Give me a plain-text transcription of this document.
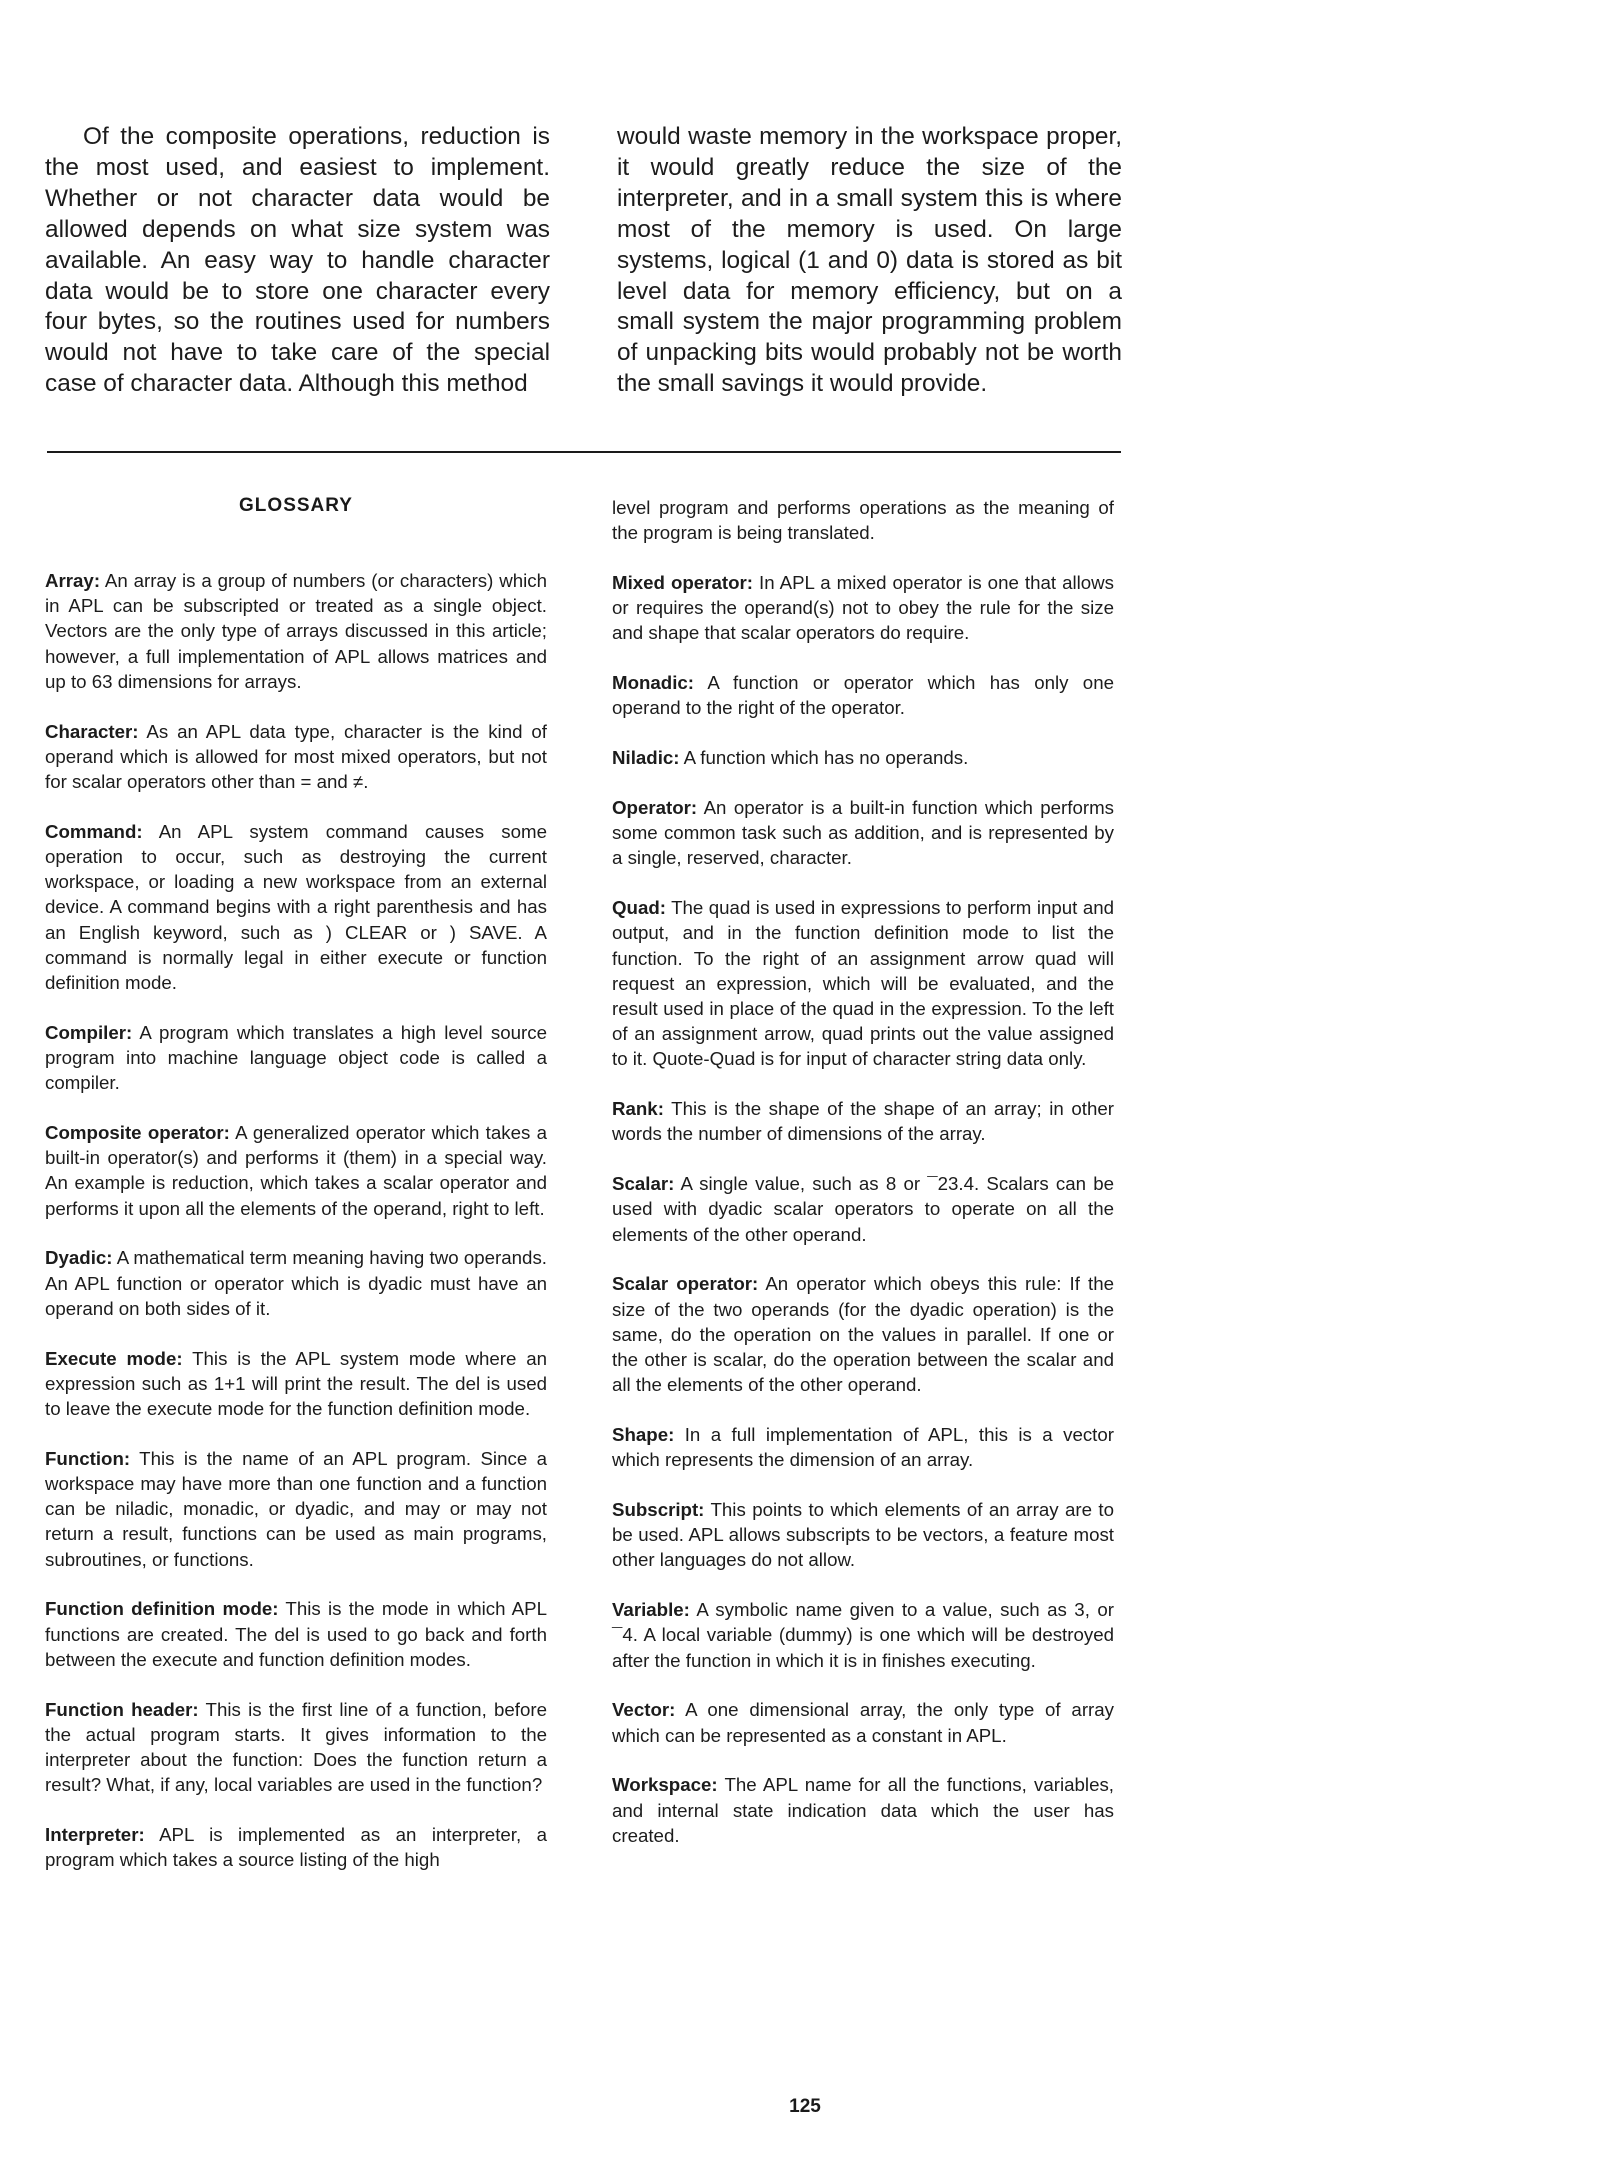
Of the composite operations, reduction is the most used, and easiest to implement. Whether or not character data would be allowed depends on what size system was available. An easy way to handle character data would be to store one character every four bytes, so the routines used for numbers would not have to take care of the special case of character data. Although this method
would waste memory in the workspace proper, it would greatly reduce the size of the interpreter, and in a small system this is where most of the memory is used. On large systems, logical (1 and 0) data is stored as bit level data for memory efficiency, but on a small system the major programming problem of unpacking bits would probably not be worth the small savings it would provide.
GLOSSARY

Array: An array is a group of numbers (or characters) which in APL can be subscripted or treated as a single object. Vectors are the only type of arrays discussed in this article; however, a full implementation of APL allows matrices and up to 63 dimensions for arrays.

Character: As an APL data type, character is the kind of operand which is allowed for most mixed operators, but not for scalar operators other than = and ≠.

Command: An APL system command causes some operation to occur, such as destroying the current workspace, or loading a new workspace from an external device. A command begins with a right parenthesis and has an English keyword, such as ) CLEAR or ) SAVE. A command is normally legal in either execute or function definition mode.

Compiler: A program which translates a high level source program into machine language object code is called a compiler.

Composite operator: A generalized operator which takes a built-in operator(s) and performs it (them) in a special way. An example is reduction, which takes a scalar operator and performs it upon all the elements of the operand, right to left.

Dyadic: A mathematical term meaning having two operands. An APL function or operator which is dyadic must have an operand on both sides of it.

Execute mode: This is the APL system mode where an expression such as 1+1 will print the result. The del is used to leave the execute mode for the function definition mode.

Function: This is the name of an APL program. Since a workspace may have more than one function and a function can be niladic, monadic, or dyadic, and may or may not return a result, functions can be used as main programs, subroutines, or functions.

Function definition mode: This is the mode in which APL functions are created. The del is used to go back and forth between the execute and function definition modes.

Function header: This is the first line of a function, before the actual program starts. It gives information to the interpreter about the function: Does the function return a result? What, if any, local variables are used in the function?

Interpreter: APL is implemented as an interpreter, a program which takes a source listing of the high

level program and performs operations as the meaning of the program is being translated.

Mixed operator: In APL a mixed operator is one that allows or requires the operand(s) not to obey the rule for the size and shape that scalar operators do require.

Monadic: A function or operator which has only one operand to the right of the operator.

Niladic: A function which has no operands.

Operator: An operator is a built-in function which performs some common task such as addition, and is represented by a single, reserved, character.

Quad: The quad is used in expressions to perform input and output, and in the function definition mode to list the function. To the right of an assignment arrow quad will request an expression, which will be evaluated, and the result used in place of the quad in the expression. To the left of an assignment arrow, quad prints out the value assigned to it. Quote-Quad is for input of character string data only.

Rank: This is the shape of the shape of an array; in other words the number of dimensions of the array.

Scalar: A single value, such as 8 or ¯23.4. Scalars can be used with dyadic scalar operators to operate on all the elements of the other operand.

Scalar operator: An operator which obeys this rule: If the size of the two operands (for the dyadic operation) is the same, do the operation on the values in parallel. If one or the other is scalar, do the operation between the scalar and all the elements of the other operand.

Shape: In a full implementation of APL, this is a vector which represents the dimension of an array.

Subscript: This points to which elements of an array are to be used. APL allows subscripts to be vectors, a feature most other languages do not allow.

Variable: A symbolic name given to a value, such as 3, or ¯4. A local variable (dummy) is one which will be destroyed after the function in which it is in finishes executing.

Vector: A one dimensional array, the only type of array which can be represented as a constant in APL.

Workspace: The APL name for all the functions, variables, and internal state indication data which the user has created.

125
